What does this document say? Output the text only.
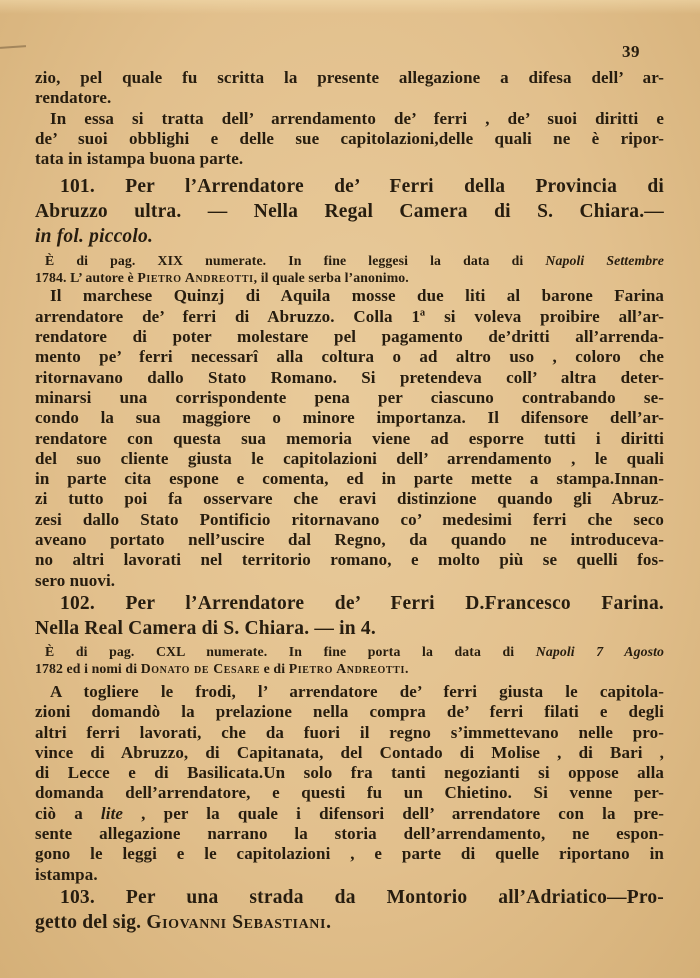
39
zio, pel quale fu scritta la presente allegazione a difesa dell’ ar-
rendatore.
In essa si tratta dell’ arrendamento de’ ferri , de’ suoi diritti e
de’ suoi obblighi e delle sue capitolazioni,delle quali ne è ripor-
tata in istampa buona parte.
101. Per l’Arrendatore de’ Ferri della Provincia di
Abruzzo ultra. — Nella Regal Camera di S. Chiara.—
in fol. piccolo.
È di pag. XIX numerate. In fine leggesi la data di Napoli Settembre
1784. L’ autore è Pietro Andreotti, il quale serba l’anonimo.
Il marchese Quinzj di Aquila mosse due liti al barone Farina
arrendatore de’ ferri di Abruzzo. Colla 1ª si voleva proibire all’ar-
rendatore di poter molestare pel pagamento de’dritti all’arrenda-
mento pe’ ferri necessarî alla coltura o ad altro uso , coloro che
ritornavano dallo Stato Romano. Si pretendeva coll’ altra deter-
minarsi una corrispondente pena per ciascuno contrabando se-
condo la sua maggiore o minore importanza. Il difensore dell’ar-
rendatore con questa sua memoria viene ad esporre tutti i diritti
del suo cliente giusta le capitolazioni dell’ arrendamento , le quali
in parte cita espone e comenta, ed in parte mette a stampa.Innan-
zi tutto poi fa osservare che eravi distinzione quando gli Abruz-
zesi dallo Stato Pontificio ritornavano co’ medesimi ferri che seco
aveano portato nell’uscire dal Regno, da quando ne introduceva-
no altri lavorati nel territorio romano, e molto più se quelli fos-
sero nuovi.
102. Per l’Arrendatore de’ Ferri D.Francesco Farina.
Nella Real Camera di S. Chiara. — in 4.
È di pag. CXL numerate. In fine porta la data di Napoli 7 Agosto
1782 ed i nomi di Donato de Cesare e di Pietro Andreotti.
A togliere le frodi, l’ arrendatore de’ ferri giusta le capitola-
zioni domandò la prelazione nella compra de’ ferri filati e degli
altri ferri lavorati, che da fuori il regno s’immettevano nelle pro-
vince di Abruzzo, di Capitanata, del Contado di Molise , di Bari ,
di Lecce e di Basilicata.Un solo fra tanti negozianti si oppose alla
domanda dell’arrendatore, e questi fu un Chietino. Si venne per-
ciò a lite , per la quale i difensori dell’ arrendatore con la pre-
sente allegazione narrano la storia dell’arrendamento, ne espon-
gono le leggi e le capitolazioni , e parte di quelle riportano in
istampa.
103. Per una strada da Montorio all’Adriatico—Pro-
getto del sig. Giovanni Sebastiani.
